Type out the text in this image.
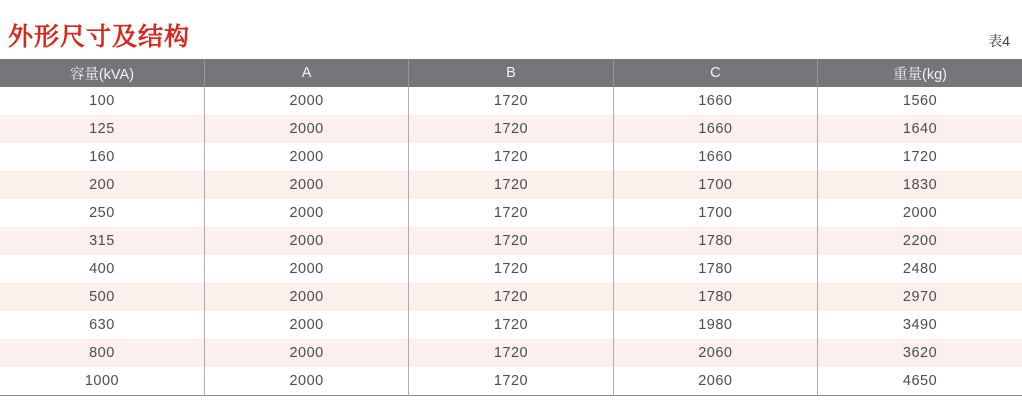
外形尺寸及结构	表4
容量(kVA)	A	B	C	重量(kg)
100	2000	1720	1660	1560
125	2000	1720	1660	1640
160	2000	1720	1660	1720
200	2000	1720	1700	1830
250	2000	1720	1700	2000
315	2000	1720	1780	2200
400	2000	1720	1780	2480
500	2000	1720	1780	2970
630	2000	1720	1980	3490
800	2000	1720	2060	3620
1000	2000	1720	2060	4650
